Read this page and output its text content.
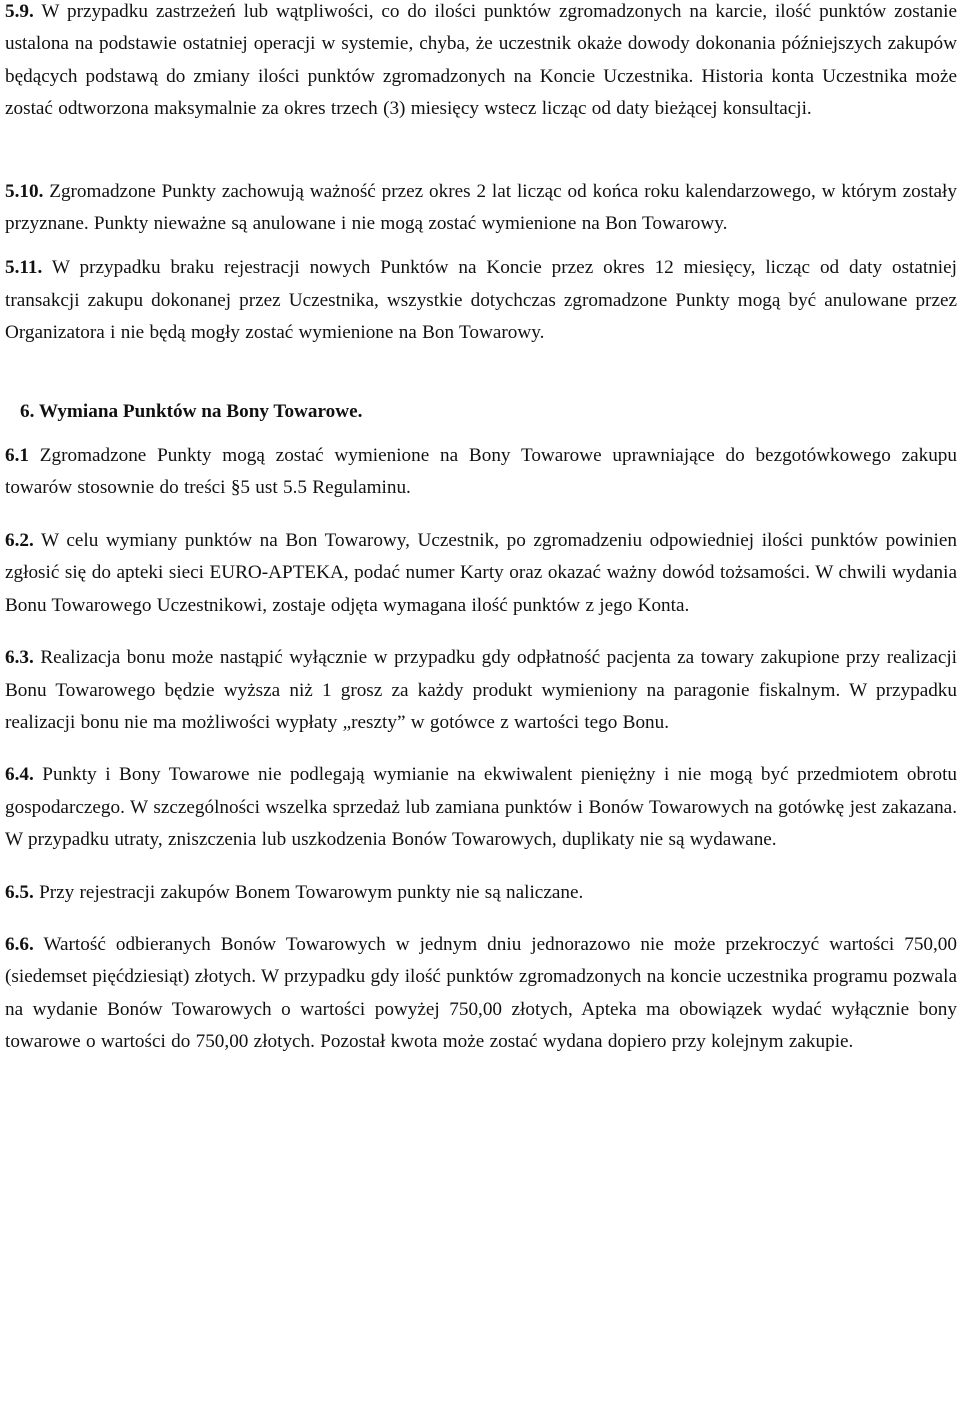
5.9. W przypadku zastrzeżeń lub wątpliwości, co do ilości punktów zgromadzonych na karcie, ilość punktów zostanie ustalona na podstawie ostatniej operacji w systemie, chyba, że uczestnik okaże dowody dokonania późniejszych zakupów będących podstawą do zmiany ilości punktów zgromadzonych na Koncie Uczestnika. Historia konta Uczestnika może zostać odtworzona maksymalnie za okres trzech (3) miesięcy wstecz licząc od daty bieżącej konsultacji.

5.10. Zgromadzone Punkty zachowują ważność przez okres 2 lat licząc od końca roku kalendarzowego, w którym zostały przyznane. Punkty nieważne są anulowane i nie mogą zostać wymienione na Bon Towarowy.

5.11. W przypadku braku rejestracji nowych Punktów na Koncie przez okres 12 miesięcy, licząc od daty ostatniej transakcji zakupu dokonanej przez Uczestnika, wszystkie dotychczas zgromadzone Punkty mogą być anulowane przez Organizatora i nie będą mogły zostać wymienione na Bon Towarowy.

6. Wymiana Punktów na Bony Towarowe.

6.1 Zgromadzone Punkty mogą zostać wymienione na Bony Towarowe uprawniające do bezgotówkowego zakupu towarów stosownie do treści §5 ust 5.5 Regulaminu.

6.2. W celu wymiany punktów na Bon Towarowy, Uczestnik, po zgromadzeniu odpowiedniej ilości punktów powinien zgłosić się do apteki sieci EURO-APTEKA, podać numer Karty oraz okazać ważny dowód tożsamości. W chwili wydania Bonu Towarowego Uczestnikowi, zostaje odjęta wymagana ilość punktów z jego Konta.

6.3. Realizacja bonu może nastąpić wyłącznie w przypadku gdy odpłatność pacjenta za towary zakupione przy realizacji Bonu Towarowego będzie wyższa niż 1 grosz za każdy produkt wymieniony na paragonie fiskalnym. W przypadku realizacji bonu nie ma możliwości wypłaty „reszty” w gotówce z wartości tego Bonu.

6.4. Punkty i Bony Towarowe nie podlegają wymianie na ekwiwalent pieniężny i nie mogą być przedmiotem obrotu gospodarczego. W szczególności wszelka sprzedaż lub zamiana punktów i Bonów Towarowych na gotówkę jest zakazana. W przypadku utraty, zniszczenia lub uszkodzenia Bonów Towarowych, duplikaty nie są wydawane.

6.5. Przy rejestracji zakupów Bonem Towarowym punkty nie są naliczane.

6.6. Wartość odbieranych Bonów Towarowych w jednym dniu jednorazowo nie może przekroczyć wartości 750,00 (siedemset pięćdziesiąt) złotych. W przypadku gdy ilość punktów zgromadzonych na koncie uczestnika programu pozwala na wydanie Bonów Towarowych o wartości powyżej 750,00 złotych, Apteka ma obowiązek wydać wyłącznie bony towarowe o wartości do 750,00 złotych. Pozostał kwota może zostać wydana dopiero przy kolejnym zakupie.
